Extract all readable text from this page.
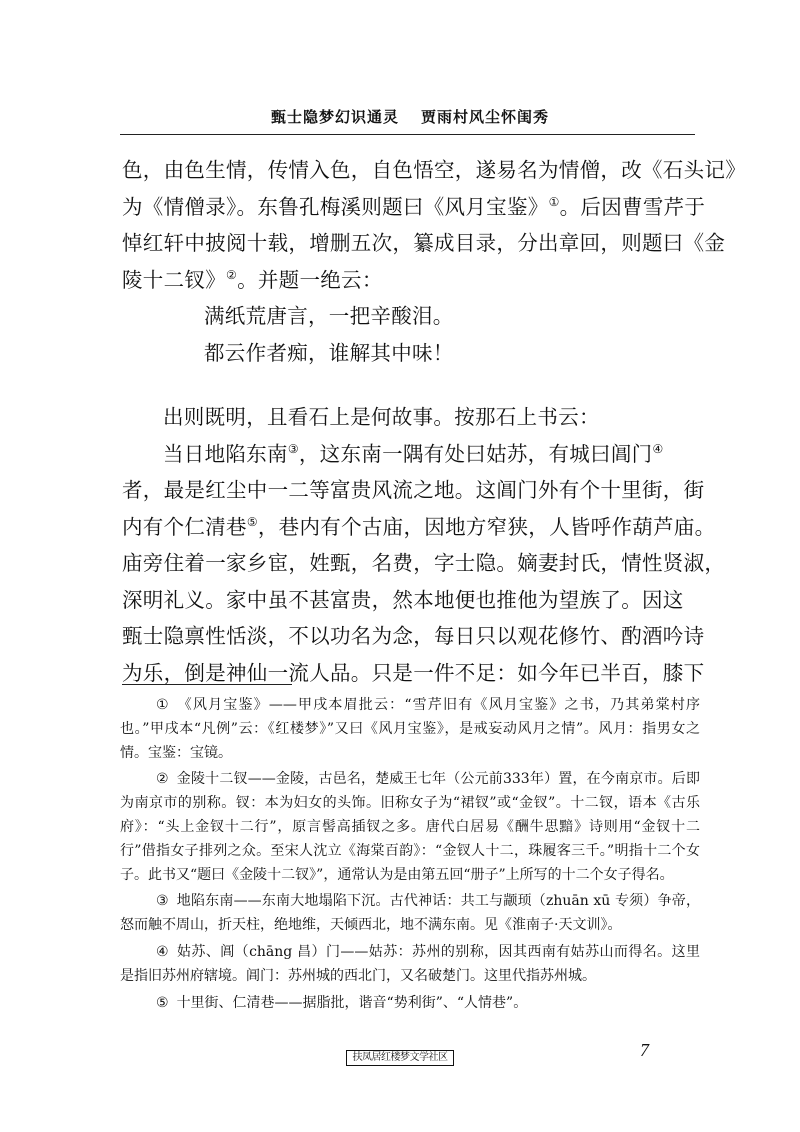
甄士隐梦幻识通灵 贾雨村风尘怀闺秀

色，由色生情，传情入色，自色悟空，遂易名为情僧，改《石头记》

为《情僧录》。东鲁孔梅溪则题曰《风月宝鉴》①。后因曹雪芹于

悼红轩中披阅十载，增删五次，纂成目录，分出章回，则题曰《金

陵十二钗》②。并题一绝云：

满纸荒唐言，一把辛酸泪。

都云作者痴，谁解其中味！

出则既明，且看石上是何故事。按那石上书云：

当日地陷东南③，这东南一隅有处曰姑苏，有城曰阊门④

者，最是红尘中一二等富贵风流之地。这阊门外有个十里街，街

内有个仁清巷⑤，巷内有个古庙，因地方窄狭，人皆呼作葫芦庙。

庙旁住着一家乡宦，姓甄，名费，字士隐。嫡妻封氏，情性贤淑，

深明礼义。家中虽不甚富贵，然本地便也推他为望族了。因这

甄士隐禀性恬淡，不以功名为念，每日只以观花修竹、酌酒吟诗

为乐，倒是神仙一流人品。只是一件不足：如今年已半百，膝下

① 《风月宝鉴》——甲戌本眉批云：“雪芹旧有《风月宝鉴》之书，乃其弟棠村序也。”甲戌本“凡例”云：《红楼梦》”又曰《风月宝鉴》，是戒妄动风月之情”。风月：指男女之情。宝鉴：宝镜。

② 金陵十二钗——金陵，古邑名，楚威王七年（公元前333年）置，在今南京市。后即为南京市的别称。钗：本为妇女的头饰。旧称女子为“裙钗”或“金钗”。十二钗，语本《古乐府》：“头上金钗十二行”，原言髻高插钗之多。唐代白居易《酬牛思黯》诗则用“金钗十二行”借指女子排列之众。至宋人沈立《海棠百韵》：“金钗人十二，珠履客三千。”明指十二个女子。此书又“题曰《金陵十二钗》”，通常认为是由第五回“册子”上所写的十二个女子得名。

③ 地陷东南——东南大地塌陷下沉。古代神话：共工与颛顼（zhuān xū 专须）争帝，怒而触不周山，折天柱，绝地维，天倾西北，地不满东南。见《淮南子·天文训》。

④ 姑苏、阊（chāng 昌）门——姑苏：苏州的别称，因其西南有姑苏山而得名。这里是指旧苏州府辖境。阊门：苏州城的西北门，又名破楚门。这里代指苏州城。

⑤ 十里街、仁清巷——据脂批，谐音“势利街”、“人情巷”。

7
扶凤居红楼梦文学社区
